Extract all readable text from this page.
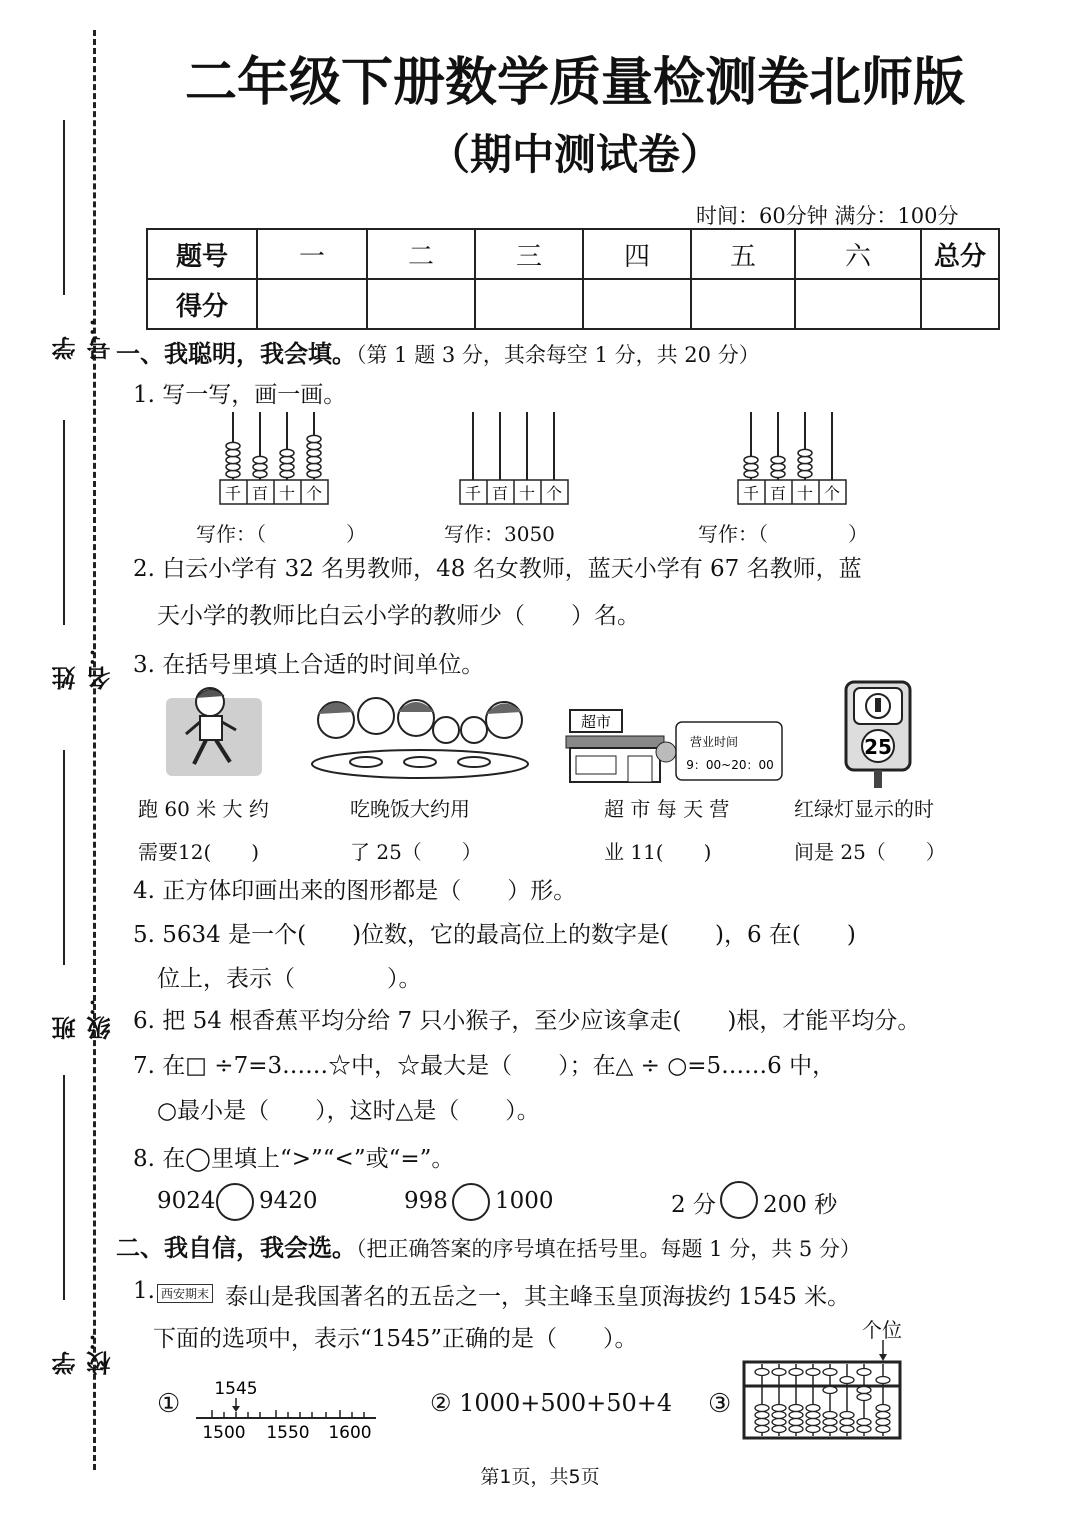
学号：
姓名：
班级：
学校：
二年级下册数学质量检测卷北师版
（期中测试卷）
时间：60分钟 满分：100分
题号	一	二	三	四	五	六	总分
得分							
一、我聪明，我会填。（第 1 题 3 分，其余每空 1 分，共 20 分）
1. 写一写，画一画。
千 百 十 个	千 百 十 个	千 百 十 个
写作：（　　　　）	写作：3050	写作：（　　　　）
2. 白云小学有 32 名男教师，48 名女教师，蓝天小学有 67 名教师，蓝
天小学的教师比白云小学的教师少（　　）名。
3. 在括号里填上合适的时间单位。
超市
营业时间
9：00~20：00
25
跑 60 米 大 约
需要12(　　)
吃晚饭大约用
了 25（　　）
超 市 每 天 营
业 11(　　)
红绿灯显示的时
间是 25（　　）
4. 正方体印画出来的图形都是（　　）形。
5. 5634 是一个(　　)位数，它的最高位上的数字是(　　)，6 在(　　)
位上，表示（　　　　）。
6. 把 54 根香蕉平均分给 7 只小猴子，至少应该拿走(　　)根，才能平均分。
7. 在□ ÷7=3……☆中，☆最大是（　　）；在△ ÷ ○=5……6 中，
○最小是（　　），这时△是（　　）。
8. 在◯里填上“>”“<”或“=”。
9024 9420	998 1000	2 分 200 秒
二、我自信，我会选。（把正确答案的序号填在括号里。每题 1 分，共 5 分）
1. 西安期末 泰山是我国著名的五岳之一，其主峰玉皇顶海拔约 1545 米。
下面的选项中，表示“1545”正确的是（　　）。
① 1545
1500 1550 1600
② 1000+500+50+4 ③
个位
第1页，共5页
